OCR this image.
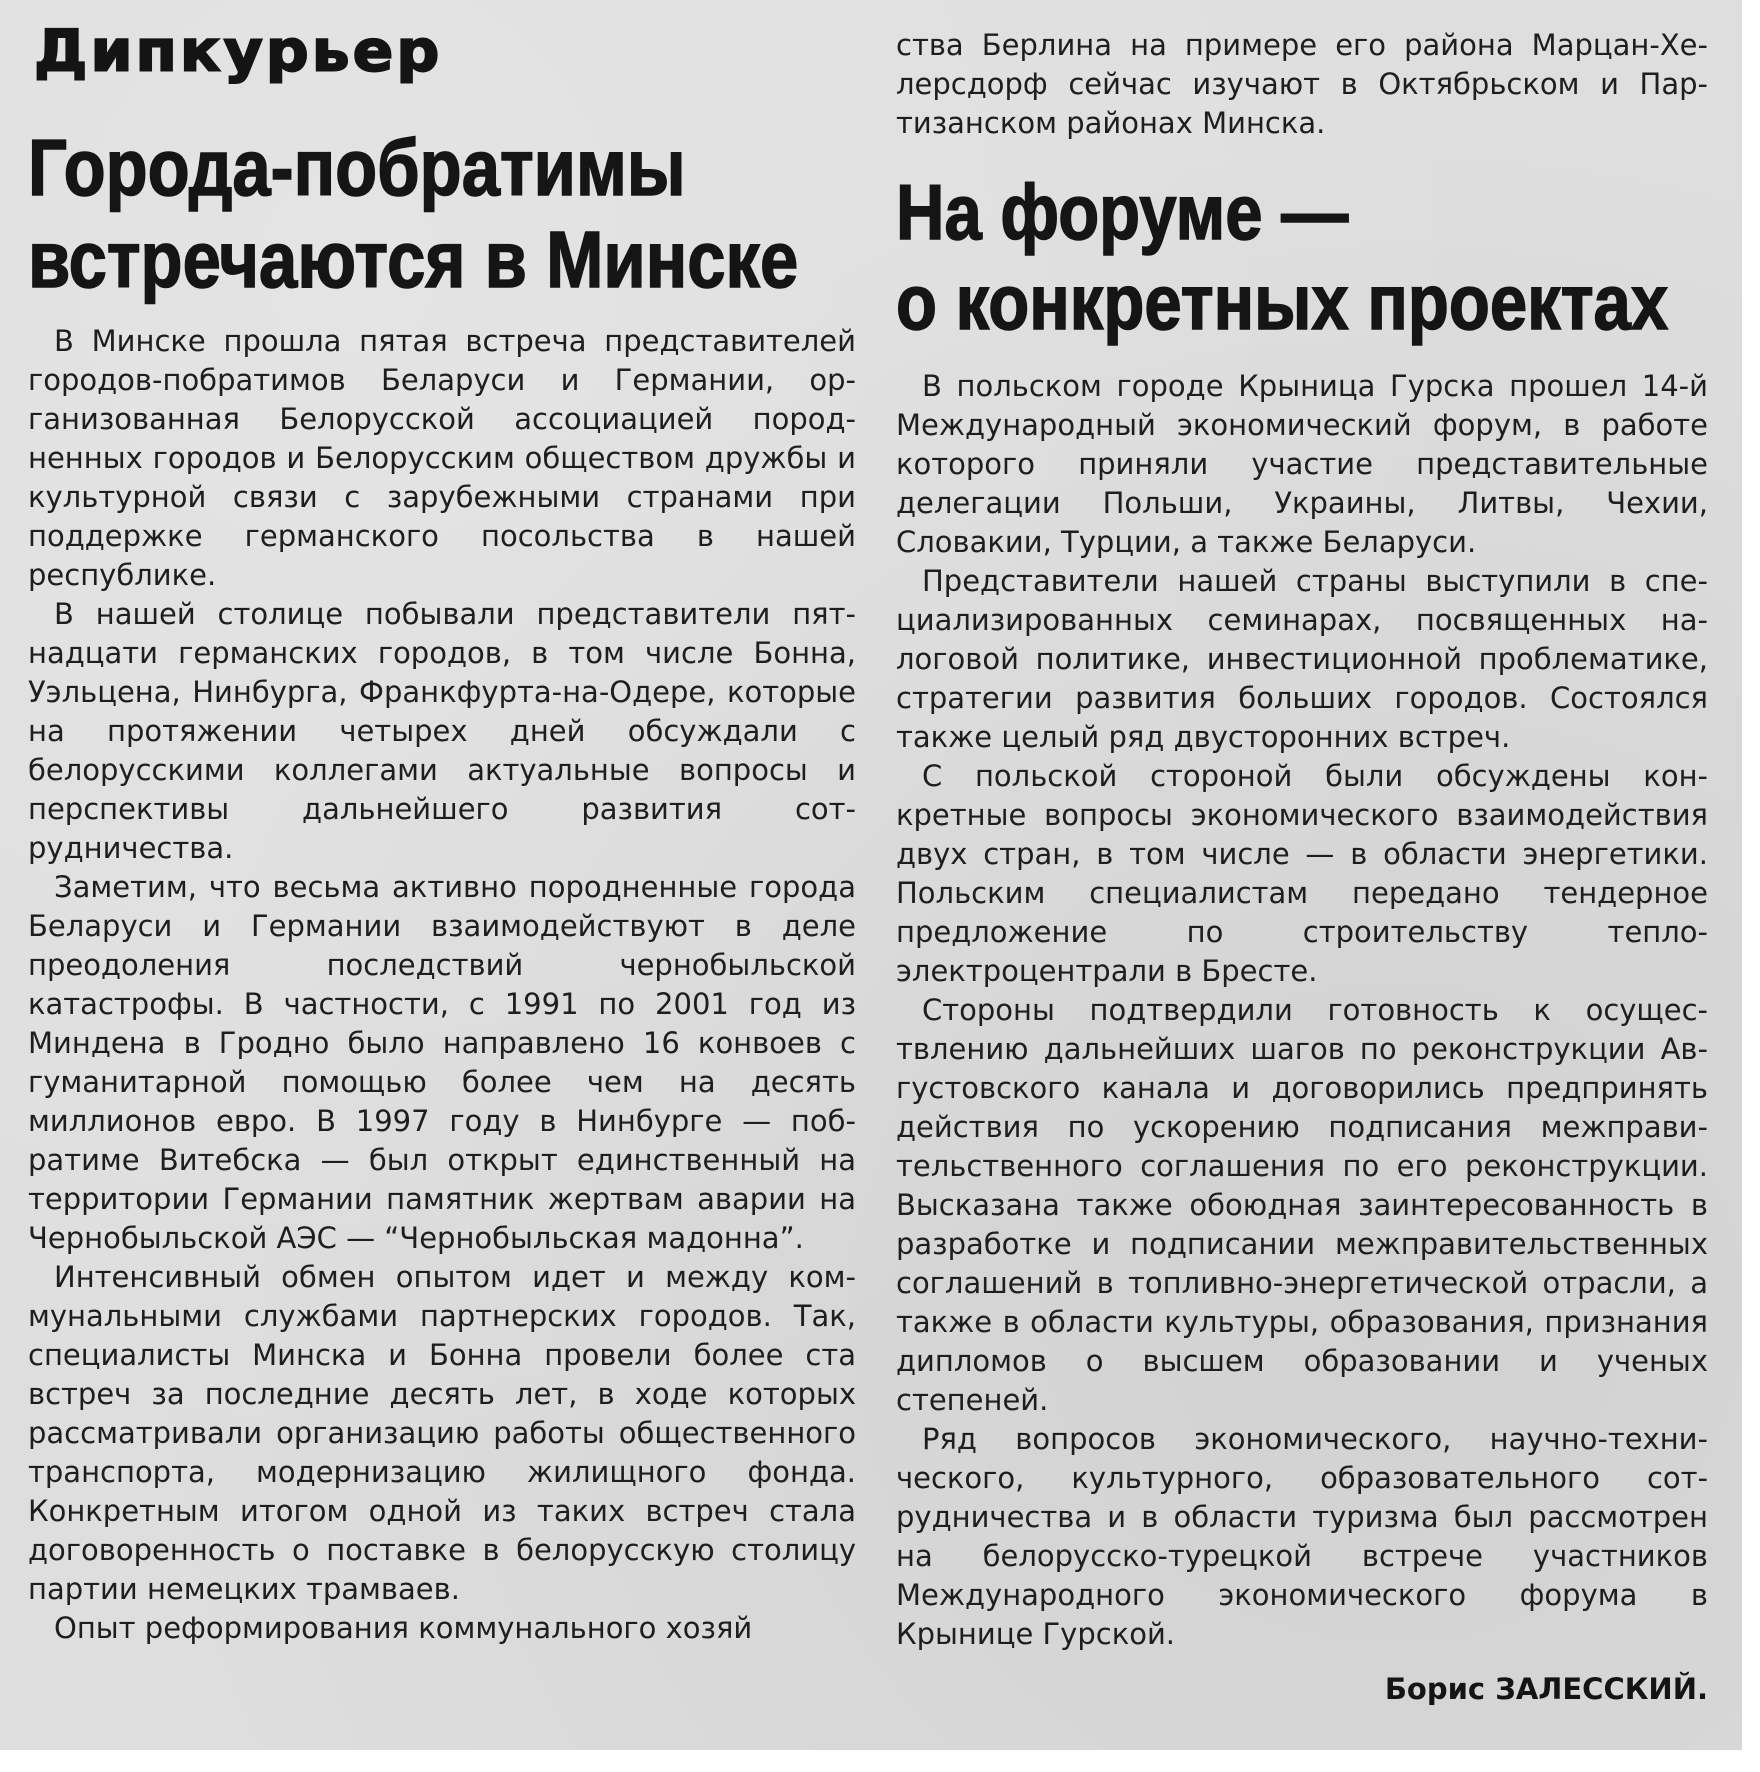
Дипкурьер
Города-побратимы
встречаются в Минске

В Минске прошла пятая встреча представителей городов-побратимов Беларуси и Германии, организованная Белорусской ассоциацией породненных городов и Белорусским обществом дружбы и культурной связи с зарубежными странами при поддержке германского посольства в нашей республике.

В нашей столице побывали представители пятнадцати германских городов, в том числе Бонна, Уэльцена, Нинбурга, Франкфурта-на-Одере, которые на протяжении четырех дней обсуждали с белорусскими коллегами актуальные вопросы и перспективы дальнейшего развития сотрудничества.

Заметим, что весьма активно породненные города Беларуси и Германии взаимодействуют в деле преодоления последствий чернобыльской катастрофы. В частности, с 1991 по 2001 год из Миндена в Гродно было направлено 16 конвоев с гуманитарной помощью более чем на десять миллионов евро. В 1997 году в Нинбурге — побратиме Витебска — был открыт единственный на территории Германии памятник жертвам аварии на Чернобыльской АЭС — “Чернобыльская мадонна”.

Интенсивный обмен опытом идет и между коммунальными службами партнерских городов. Так, специалисты Минска и Бонна провели более ста встреч за последние десять лет, в ходе которых рассматривали организацию работы общественного транспорта, модернизацию жилищного фонда. Конкретным итогом одной из таких встреч стала договоренность о поставке в белорусскую столицу партии немецких трамваев.

Опыт реформирования коммунального хозяй

ства Берлина на примере его района Марцан-Хелерсдорф сейчас изучают в Октябрьском и Партизанском районах Минска.

На форуме —
о конкретных проектах

В польском городе Крыница Гурска прошел 14-й Международный экономический форум, в работе которого приняли участие представительные делегации Польши, Украины, Литвы, Чехии, Словакии, Турции, а также Беларуси.

Представители нашей страны выступили в специализированных семинарах, посвященных налоговой политике, инвестиционной проблематике, стратегии развития больших городов. Состоялся также целый ряд двусторонних встреч.

С польской стороной были обсуждены конкретные вопросы экономического взаимодействия двух стран, в том числе — в области энергетики. Польским специалистам передано тендерное предложение по строительству теплоэлектроцентрали в Бресте.

Стороны подтвердили готовность к осуществлению дальнейших шагов по реконструкции Августовского канала и договорились предпринять действия по ускорению подписания межправительственного соглашения по его реконструкции. Высказана также обоюдная заинтересованность в разработке и подписании межправительственных соглашений в топливно-энергетической отрасли, а также в области культуры, образования, признания дипломов о высшем образовании и ученых степеней.

Ряд вопросов экономического, научно-технического, культурного, образовательного сотрудничества и в области туризма был рассмотрен на белорусско-турецкой встрече участников Международного экономического форума в Крынице Гурской.

Борис ЗАЛЕССКИЙ.
